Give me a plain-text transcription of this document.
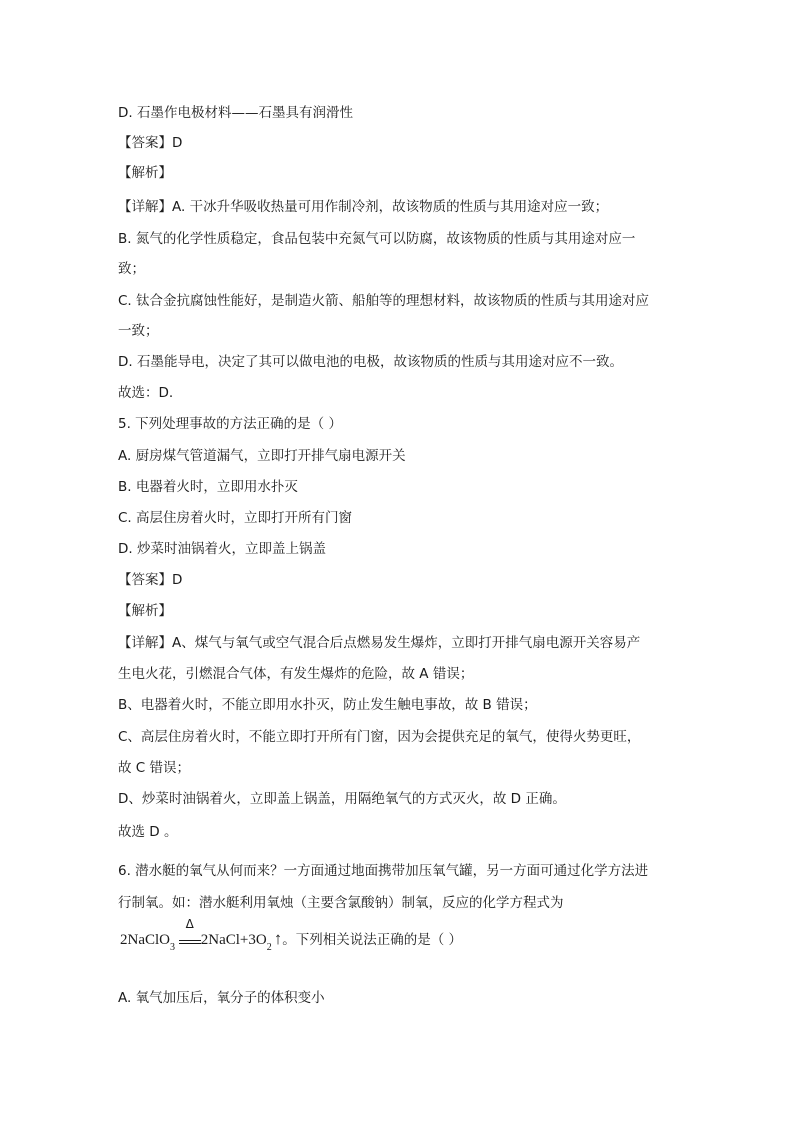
D. 石墨作电极材料——石墨具有润滑性
【答案】D
【解析】
【详解】A. 干冰升华吸收热量可用作制冷剂，故该物质的性质与其用途对应一致；
B. 氮气的化学性质稳定，食品包装中充氮气可以防腐，故该物质的性质与其用途对应一
致；
C. 钛合金抗腐蚀性能好，是制造火箭、船舶等的理想材料，故该物质的性质与其用途对应
一致；
D. 石墨能导电，决定了其可以做电池的电极，故该物质的性质与其用途对应不一致。
故选：D.
5. 下列处理事故的方法正确的是（ ）
A. 厨房煤气管道漏气，立即打开排气扇电源开关
B. 电器着火时，立即用水扑灭
C. 高层住房着火时，立即打开所有门窗
D. 炒菜时油锅着火，立即盖上锅盖
【答案】D
【解析】
【详解】A、煤气与氧气或空气混合后点燃易发生爆炸，立即打开排气扇电源开关容易产
生电火花，引燃混合气体，有发生爆炸的危险，故 A 错误；
B、电器着火时，不能立即用水扑灭，防止发生触电事故，故 B 错误；
C、高层住房着火时，不能立即打开所有门窗，因为会提供充足的氧气，使得火势更旺，
故 C 错误；
D、炒菜时油锅着火，立即盖上锅盖，用隔绝氧气的方式灭火，故 D 正确。
故选 D 。
6. 潜水艇的氧气从何而来？一方面通过地面携带加压氧气罐，另一方面可通过化学方法进
行制氧。如：潜水艇利用氧烛（主要含氯酸钠）制氧，反应的化学方程式为
2NaClO3
Δ
2NaCl+3O2 ↑。下列相关说法正确的是（ ）
A. 氧气加压后，氧分子的体积变小
